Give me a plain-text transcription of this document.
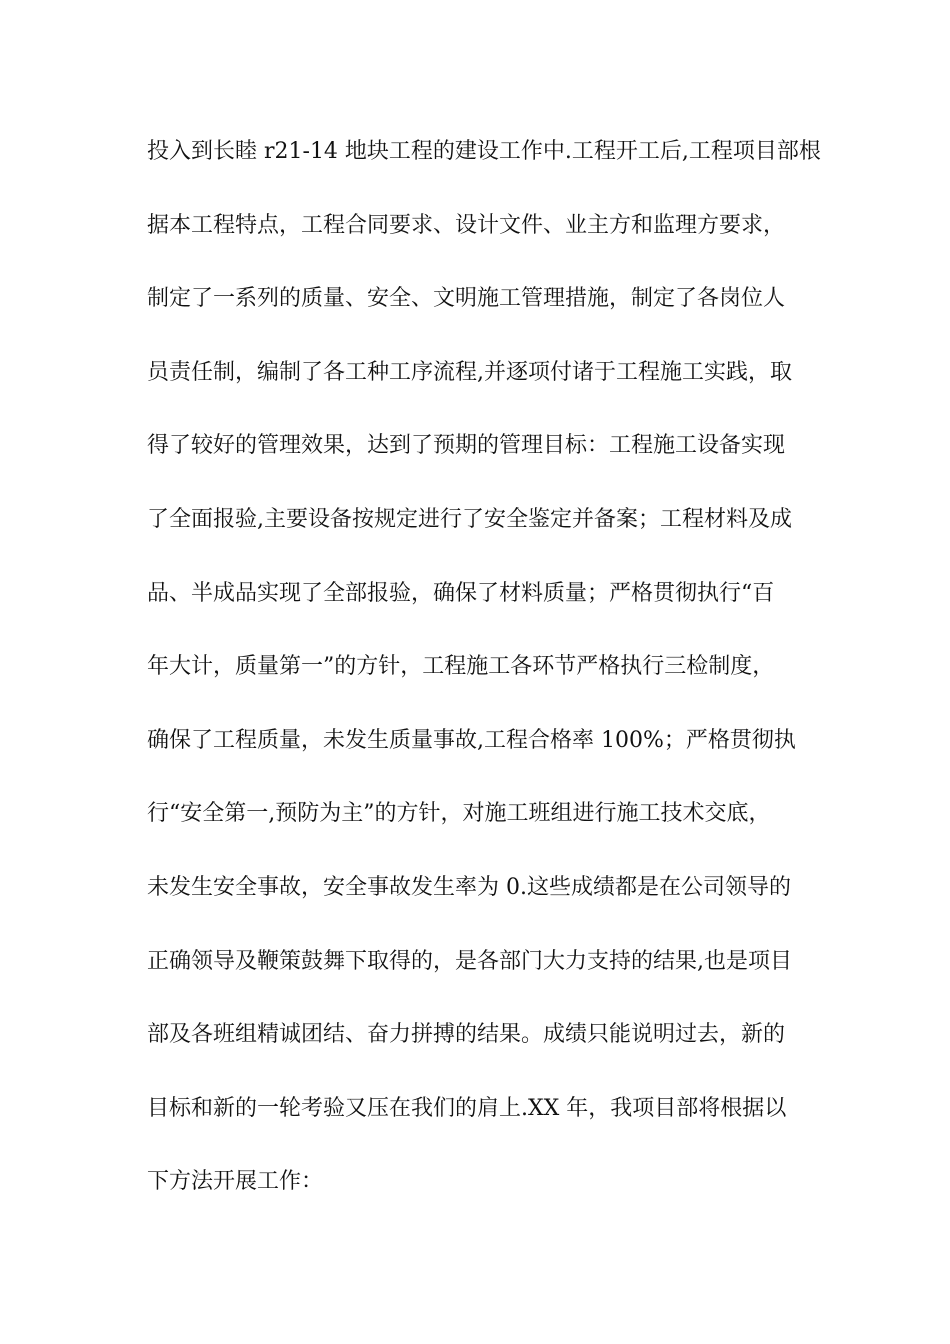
投入到长睦 r21-14 地块工程的建设工作中.工程开工后,工程项目部根
据本工程特点，工程合同要求、设计文件、业主方和监理方要求，
制定了一系列的质量、安全、文明施工管理措施，制定了各岗位人
员责任制，编制了各工种工序流程,并逐项付诸于工程施工实践，取
得了较好的管理效果，达到了预期的管理目标：工程施工设备实现
了全面报验,主要设备按规定进行了安全鉴定并备案；工程材料及成
品、半成品实现了全部报验，确保了材料质量；严格贯彻执行“百
年大计，质量第一”的方针，工程施工各环节严格执行三检制度，
确保了工程质量，未发生质量事故,工程合格率 100%；严格贯彻执
行“安全第一,预防为主”的方针，对施工班组进行施工技术交底，
未发生安全事故，安全事故发生率为 0.这些成绩都是在公司领导的
正确领导及鞭策鼓舞下取得的，是各部门大力支持的结果,也是项目
部及各班组精诚团结、奋力拼搏的结果。成绩只能说明过去，新的
目标和新的一轮考验又压在我们的肩上.XX 年，我项目部将根据以
下方法开展工作：
